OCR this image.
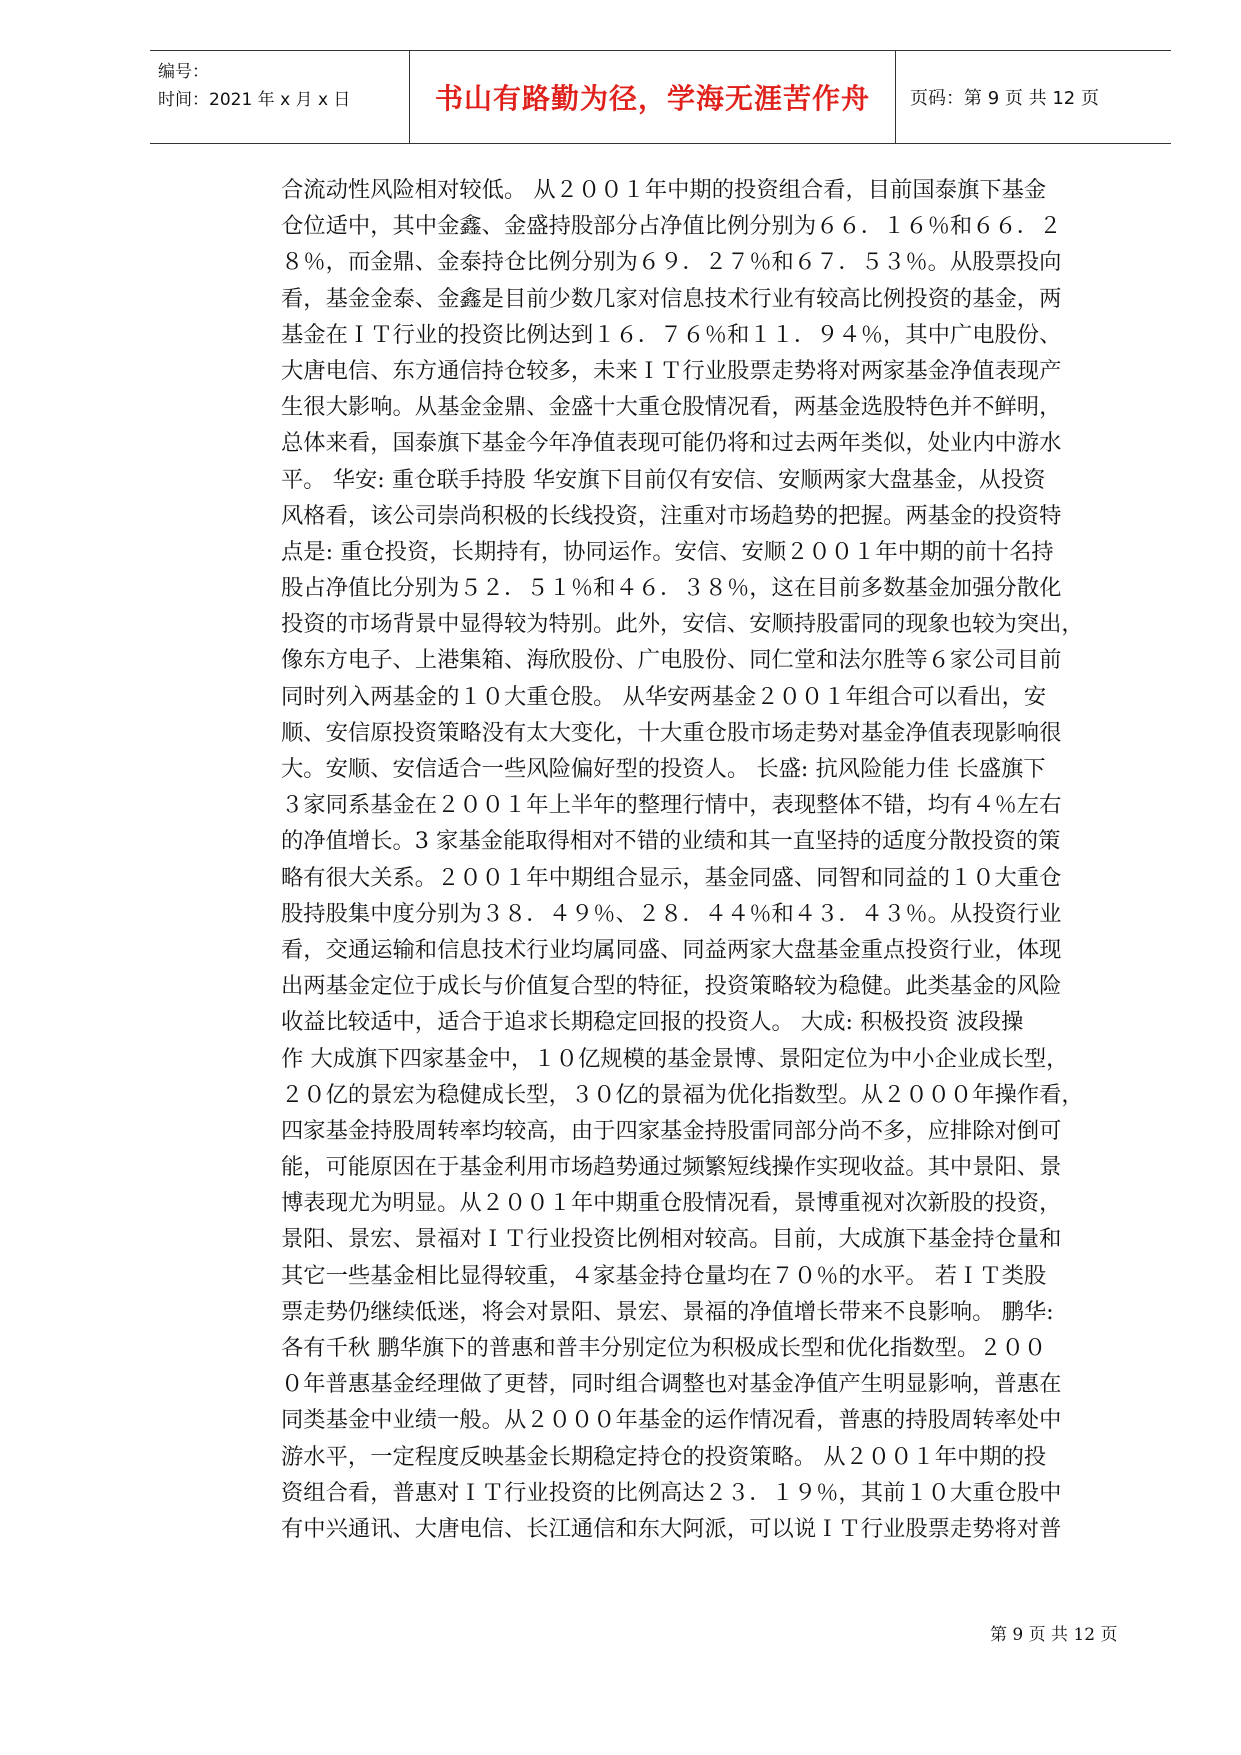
编号：
时间：2021 年 x 月 x 日	书山有路勤为径，学海无涯苦作舟 页码：第 9 页 共 12 页
合流动性风险相对较低。 从２００１年中期的投资组合看，目前国泰旗下基金
仓位适中，其中金鑫、金盛持股部分占净值比例分别为６６．１６％和６６．２
８％，而金鼎、金泰持仓比例分别为６９．２７％和６７．５３％。从股票投向
看，基金金泰、金鑫是目前少数几家对信息技术行业有较高比例投资的基金，两
基金在ＩＴ行业的投资比例达到１６．７６％和１１．９４％，其中广电股份、
大唐电信、东方通信持仓较多，未来ＩＴ行业股票走势将对两家基金净值表现产
生很大影响。从基金金鼎、金盛十大重仓股情况看，两基金选股特色并不鲜明，
总体来看，国泰旗下基金今年净值表现可能仍将和过去两年类似，处业内中游水
平。 华安: 重仓联手持股 华安旗下目前仅有安信、安顺两家大盘基金，从投资
风格看，该公司崇尚积极的长线投资，注重对市场趋势的把握。两基金的投资特
点是: 重仓投资，长期持有，协同运作。安信、安顺２００１年中期的前十名持
股占净值比分别为５２．５１％和４６．３８％，这在目前多数基金加强分散化
投资的市场背景中显得较为特别。此外，安信、安顺持股雷同的现象也较为突出，
像东方电子、上港集箱、海欣股份、广电股份、同仁堂和法尔胜等６家公司目前
同时列入两基金的１０大重仓股。 从华安两基金２００１年组合可以看出，安
顺、安信原投资策略没有太大变化，十大重仓股市场走势对基金净值表现影响很
大。安顺、安信适合一些风险偏好型的投资人。 长盛: 抗风险能力佳 长盛旗下
３家同系基金在２００１年上半年的整理行情中，表现整体不错，均有４％左右
的净值增长。3 家基金能取得相对不错的业绩和其一直坚持的适度分散投资的策
略有很大关系。２００１年中期组合显示，基金同盛、同智和同益的１０大重仓
股持股集中度分别为３８．４９％、２８．４４％和４３．４３％。从投资行业
看，交通运输和信息技术行业均属同盛、同益两家大盘基金重点投资行业，体现
出两基金定位于成长与价值复合型的特征，投资策略较为稳健。此类基金的风险
收益比较适中，适合于追求长期稳定回报的投资人。 大成: 积极投资 波段操
作 大成旗下四家基金中，１０亿规模的基金景博、景阳定位为中小企业成长型，
２０亿的景宏为稳健成长型，３０亿的景福为优化指数型。从２０００年操作看，
四家基金持股周转率均较高，由于四家基金持股雷同部分尚不多，应排除对倒可
能，可能原因在于基金利用市场趋势通过频繁短线操作实现收益。其中景阳、景
博表现尤为明显。从２００１年中期重仓股情况看，景博重视对次新股的投资，
景阳、景宏、景福对ＩＴ行业投资比例相对较高。目前，大成旗下基金持仓量和
其它一些基金相比显得较重，４家基金持仓量均在７０％的水平。 若ＩＴ类股
票走势仍继续低迷，将会对景阳、景宏、景福的净值增长带来不良影响。 鹏华:
各有千秋 鹏华旗下的普惠和普丰分别定位为积极成长型和优化指数型。２００
０年普惠基金经理做了更替，同时组合调整也对基金净值产生明显影响，普惠在
同类基金中业绩一般。从２０００年基金的运作情况看，普惠的持股周转率处中
游水平，一定程度反映基金长期稳定持仓的投资策略。 从２００１年中期的投
资组合看，普惠对ＩＴ行业投资的比例高达２３．１９％，其前１０大重仓股中
有中兴通讯、大唐电信、长江通信和东大阿派，可以说ＩＴ行业股票走势将对普
第 9 页 共 12 页
